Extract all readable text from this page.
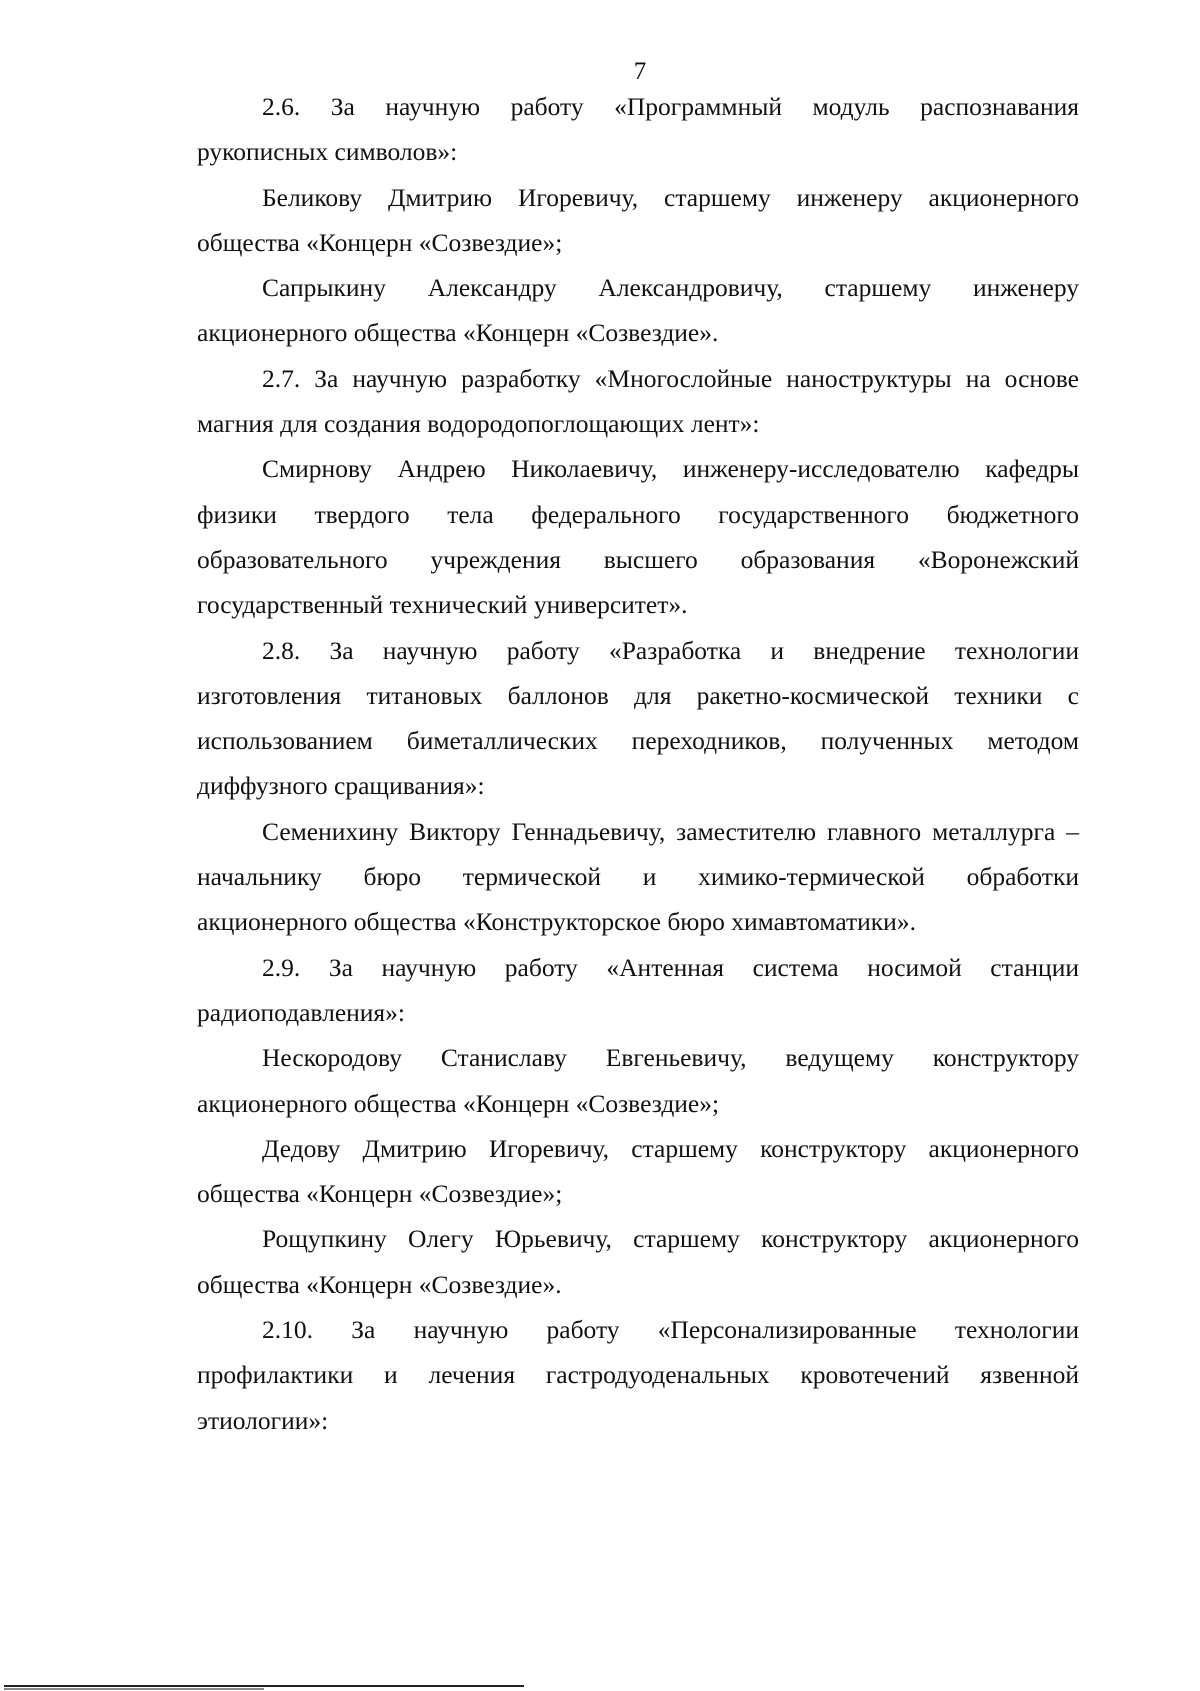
7
2.6. За научную работу «Программный модуль распознавания
рукописных символов»:
Беликову Дмитрию Игоревичу, старшему инженеру акционерного
общества «Концерн «Созвездие»;
Сапрыкину Александру Александровичу, старшему инженеру
акционерного общества «Концерн «Созвездие».
2.7. За научную разработку «Многослойные наноструктуры на основе
магния для создания водородопоглощающих лент»:
Смирнову Андрею Николаевичу, инженеру-исследователю кафедры
физики твердого тела федерального государственного бюджетного
образовательного учреждения высшего образования «Воронежский
государственный технический университет».
2.8. За научную работу «Разработка и внедрение технологии
изготовления титановых баллонов для ракетно-космической техники с
использованием биметаллических переходников, полученных методом
диффузного сращивания»:
Семенихину Виктору Геннадьевичу, заместителю главного металлурга –
начальнику бюро термической и химико-термической обработки
акционерного общества «Конструкторское бюро химавтоматики».
2.9. За научную работу «Антенная система носимой станции
радиоподавления»:
Нескородову Станиславу Евгеньевичу, ведущему конструктору
акционерного общества «Концерн «Созвездие»;
Дедову Дмитрию Игоревичу, старшему конструктору акционерного
общества «Концерн «Созвездие»;
Рощупкину Олегу Юрьевичу, старшему конструктору акционерного
общества «Концерн «Созвездие».
2.10. За научную работу «Персонализированные технологии
профилактики и лечения гастродуоденальных кровотечений язвенной
этиологии»:
